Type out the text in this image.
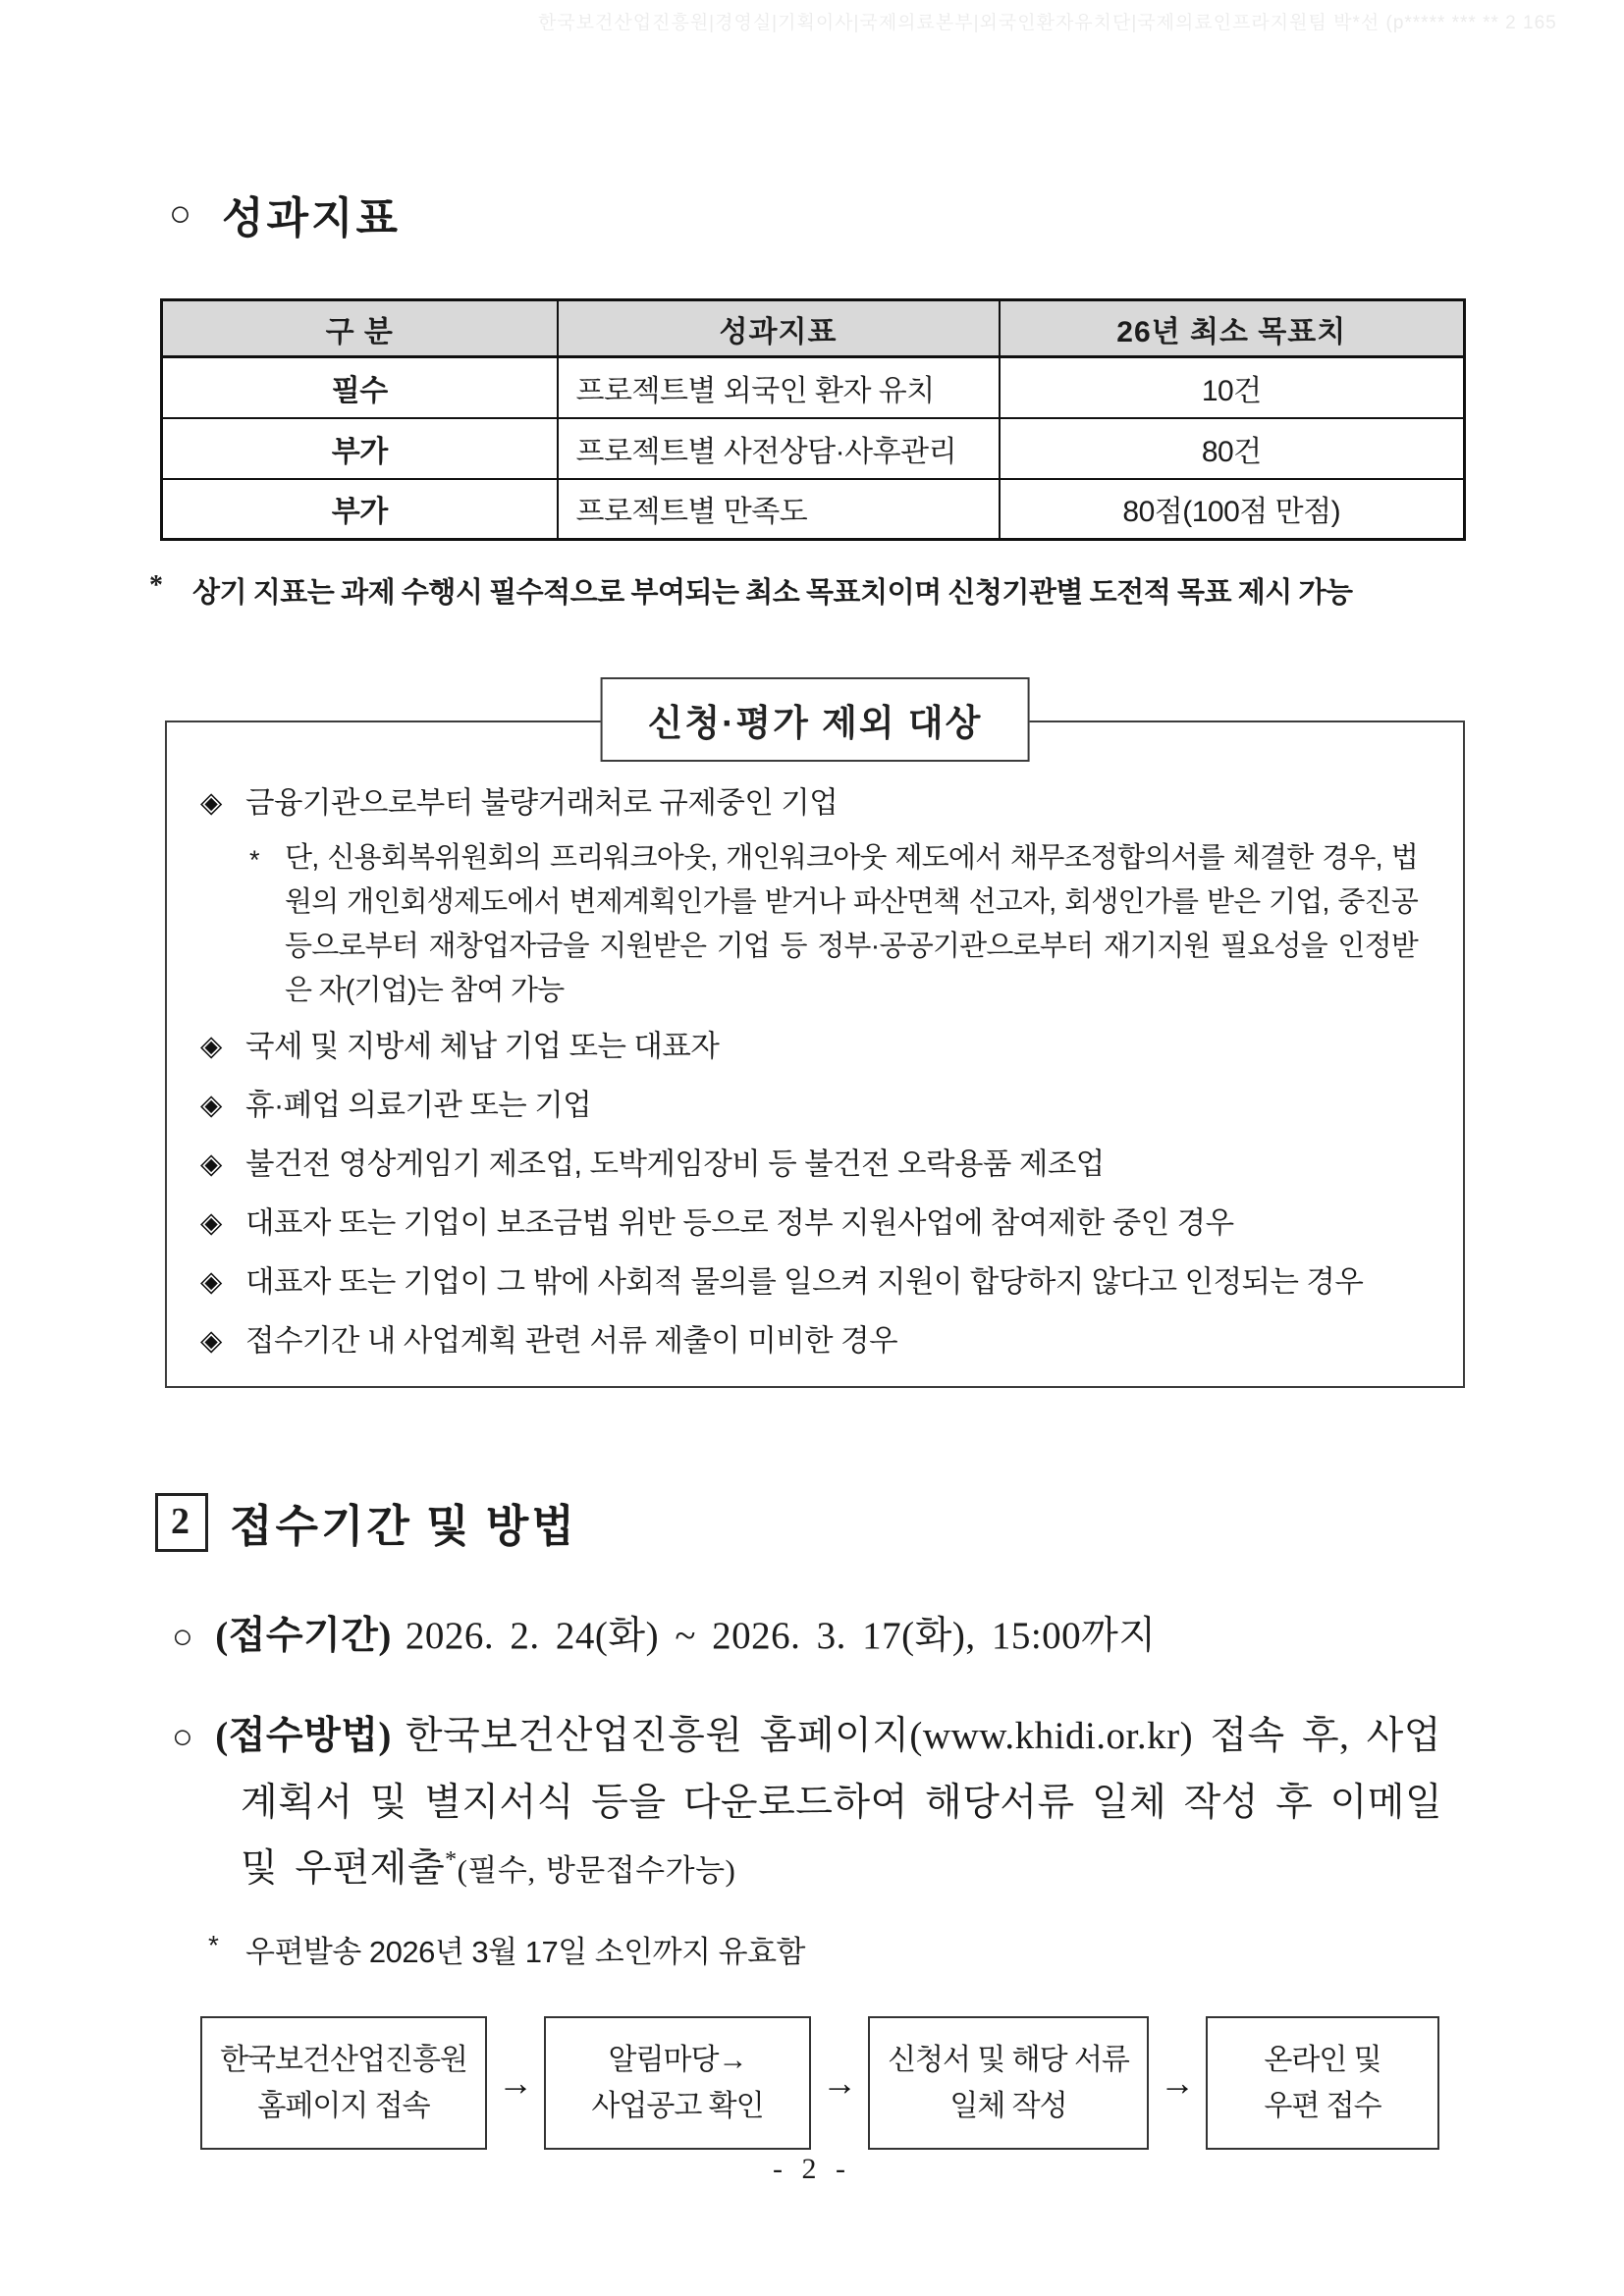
한국보건산업진흥원|경영실|기획이사|국제의료본부|외국인환자유치단|국제의료인프라지원팀 박*선 (p***** *** ** 2 165
○ 성과지표
구 분	성과지표	26년 최소 목표치
필수	프로젝트별 외국인 환자 유치	10건
부가	프로젝트별 사전상담·사후관리	80건
부가	프로젝트별 만족도	80점(100점 만점)
*	상기 지표는 과제 수행시 필수적으로 부여되는 최소 목표치이며 신청기관별 도전적 목표 제시 가능
신청·평가 제외 대상
◈ 금융기관으로부터 불량거래처로 규제중인 기업
* 단, 신용회복위원회의 프리워크아웃, 개인워크아웃 제도에서 채무조정합의서를 체결한 경우, 법원의 개인회생제도에서 변제계획인가를 받거나 파산면책 선고자, 회생인가를 받은 기업, 중진공 등으로부터 재창업자금을 지원받은 기업 등 정부·공공기관으로부터 재기지원 필요성을 인정받은 자(기업)는 참여 가능
◈ 국세 및 지방세 체납 기업 또는 대표자
◈ 휴·폐업 의료기관 또는 기업
◈ 불건전 영상게임기 제조업, 도박게임장비 등 불건전 오락용품 제조업
◈ 대표자 또는 기업이 보조금법 위반 등으로 정부 지원사업에 참여제한 중인 경우
◈ 대표자 또는 기업이 그 밖에 사회적 물의를 일으켜 지원이 합당하지 않다고 인정되는 경우
◈ 접수기간 내 사업계획 관련 서류 제출이 미비한 경우
2 접수기간 및 방법
○ (접수기간) 2026. 2. 24(화) ~ 2026. 3. 17(화), 15:00까지
○ (접수방법) 한국보건산업진흥원 홈페이지(www.khidi.or.kr) 접속 후, 사업
계획서 및 별지서식 등을 다운로드하여 해당서류 일체 작성 후 이메일
및 우편제출*(필수, 방문접수가능)
* 우편발송 2026년 3월 17일 소인까지 유효함
한국보건산업진흥원
홈페이지 접속
→
알림마당→
사업공고 확인
→
신청서 및 해당 서류
일체 작성
→
온라인 및
우편 접수
- 2 -
